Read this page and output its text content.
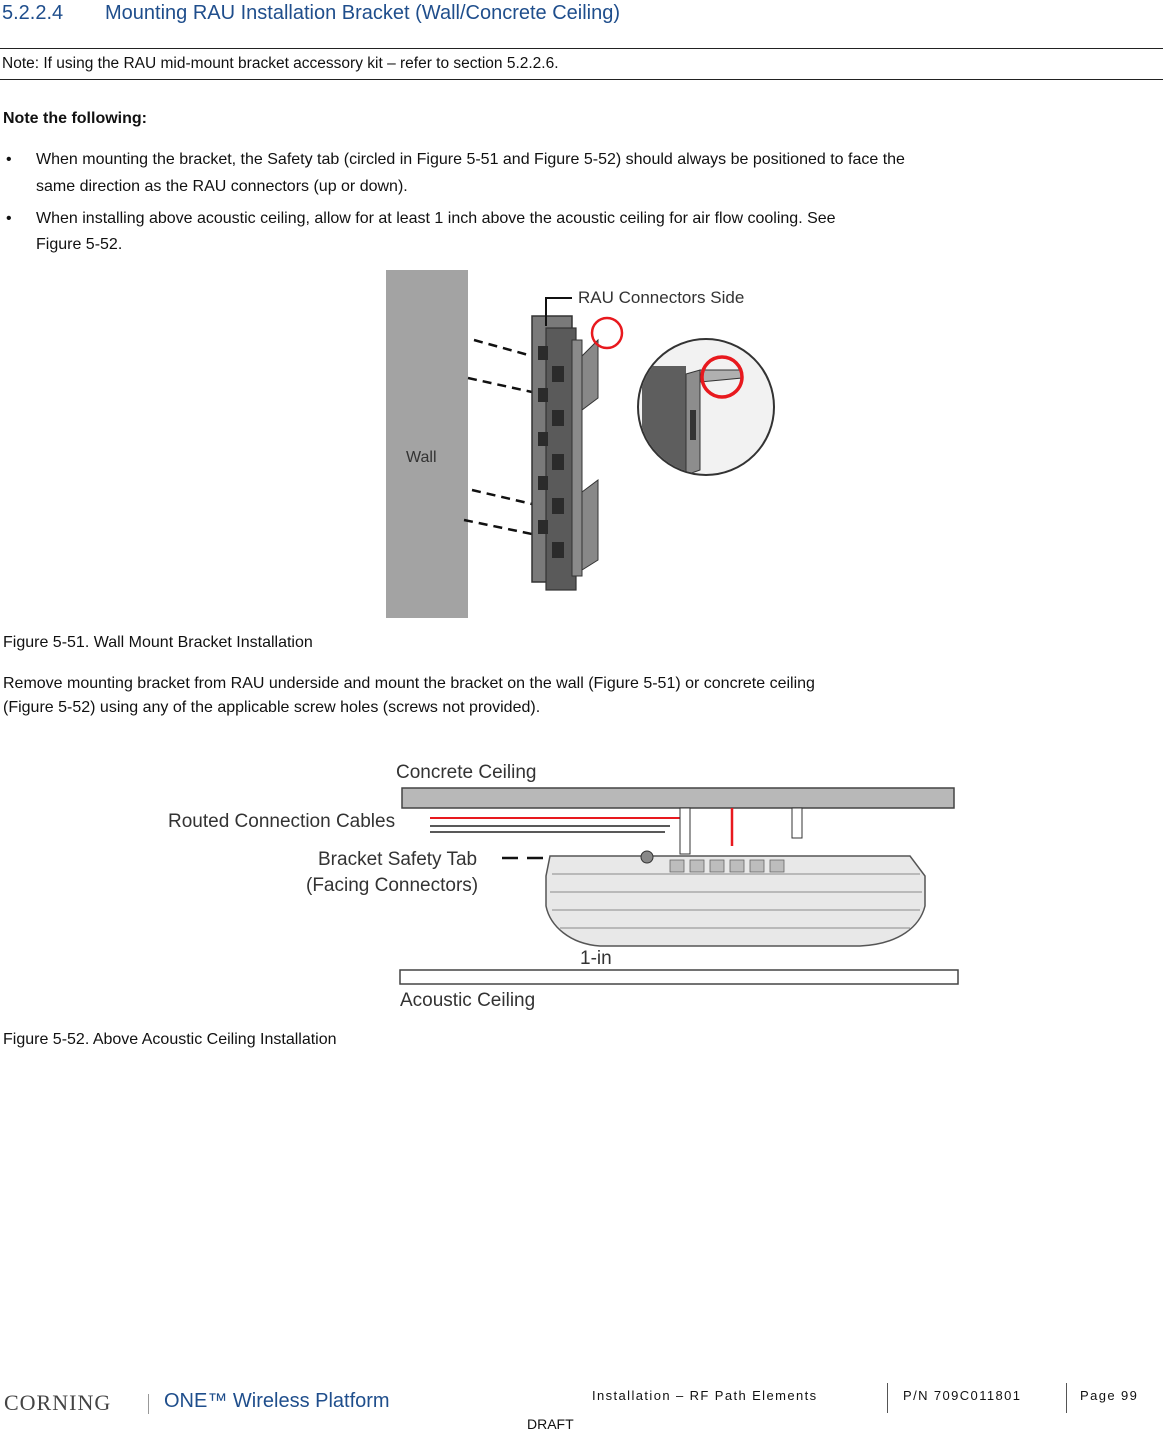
5.2.2.4 Mounting RAU Installation Bracket (Wall/Concrete Ceiling)
Note: If using the RAU mid-mount bracket accessory kit – refer to section 5.2.2.6.
Note the following:
• When mounting the bracket, the Safety tab (circled in Figure 5-51 and Figure 5-52) should always be positioned to face the
same direction as the RAU connectors (up or down).
• When installing above acoustic ceiling, allow for at least 1 inch above the acoustic ceiling for air flow cooling. See
Figure 5-52.
Wall
RAU Connectors Side
Figure 5-51. Wall Mount Bracket Installation
Remove mounting bracket from RAU underside and mount the bracket on the wall (Figure 5-51) or concrete ceiling
(Figure 5-52) using any of the applicable screw holes (screws not provided).
Concrete Ceiling
Routed Connection Cables
Bracket Safety Tab
(Facing Connectors)
1-in
Acoustic Ceiling
Figure 5-52. Above Acoustic Ceiling Installation
CORNING	ONE™ Wireless Platform	Installation – RF Path Elements	P/N 709C011801	Page 99
DRAFT
